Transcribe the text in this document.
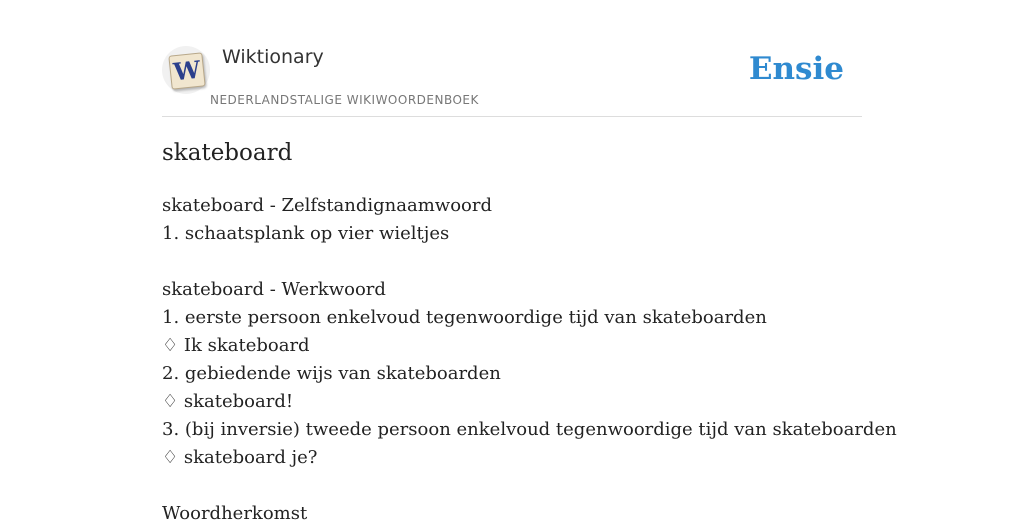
W Wiktionary
NEDERLANDSTALIGE WIKIWOORDENBOEK
Ensie
skateboard
skateboard - Zelfstandignaamwoord
1. schaatsplank op vier wieltjes
skateboard - Werkwoord
1. eerste persoon enkelvoud tegenwoordige tijd van skateboarden
♢ Ik skateboard
2. gebiedende wijs van skateboarden
♢ skateboard!
3. (bij inversie) tweede persoon enkelvoud tegenwoordige tijd van skateboarden
♢ skateboard je?
Woordherkomst
